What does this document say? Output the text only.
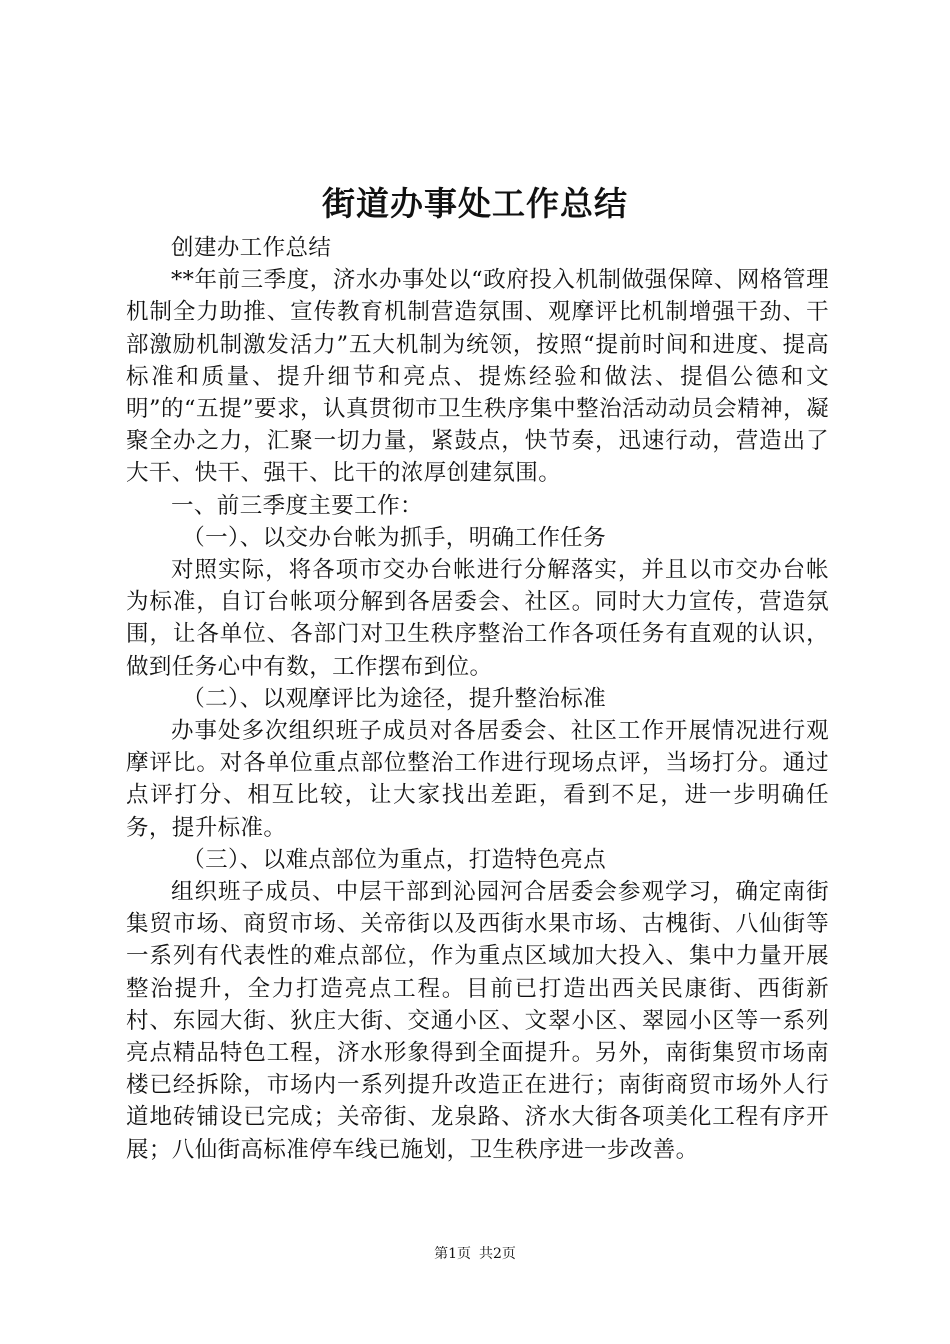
街道办事处工作总结

创建办工作总结

**年前三季度，济水办事处以“政府投入机制做强保障、网格管理机制全力助推、宣传教育机制营造氛围、观摩评比机制增强干劲、干部激励机制激发活力”五大机制为统领，按照“提前时间和进度、提高标准和质量、提升细节和亮点、提炼经验和做法、提倡公德和文明”的“五提”要求，认真贯彻市卫生秩序集中整治活动动员会精神，凝聚全办之力，汇聚一切力量，紧鼓点，快节奏，迅速行动，营造出了大干、快干、强干、比干的浓厚创建氛围。

一、前三季度主要工作：

（一）、以交办台帐为抓手，明确工作任务

对照实际，将各项市交办台帐进行分解落实，并且以市交办台帐为标准，自订台帐项分解到各居委会、社区。同时大力宣传，营造氛围，让各单位、各部门对卫生秩序整治工作各项任务有直观的认识，做到任务心中有数，工作摆布到位。

（二）、以观摩评比为途径，提升整治标准

办事处多次组织班子成员对各居委会、社区工作开展情况进行观摩评比。对各单位重点部位整治工作进行现场点评，当场打分。通过点评打分、相互比较，让大家找出差距，看到不足，进一步明确任务，提升标准。

（三）、以难点部位为重点，打造特色亮点

组织班子成员、中层干部到沁园河合居委会参观学习，确定南街集贸市场、商贸市场、关帝街以及西街水果市场、古槐街、八仙街等一系列有代表性的难点部位，作为重点区域加大投入、集中力量开展整治提升，全力打造亮点工程。目前已打造出西关民康街、西街新村、东园大街、狄庄大街、交通小区、文翠小区、翠园小区等一系列亮点精品特色工程，济水形象得到全面提升。另外，南街集贸市场南楼已经拆除，市场内一系列提升改造正在进行；南街商贸市场外人行道地砖铺设已完成；关帝街、龙泉路、济水大街各项美化工程有序开展；八仙街高标准停车线已施划，卫生秩序进一步改善。

第1页 共2页
